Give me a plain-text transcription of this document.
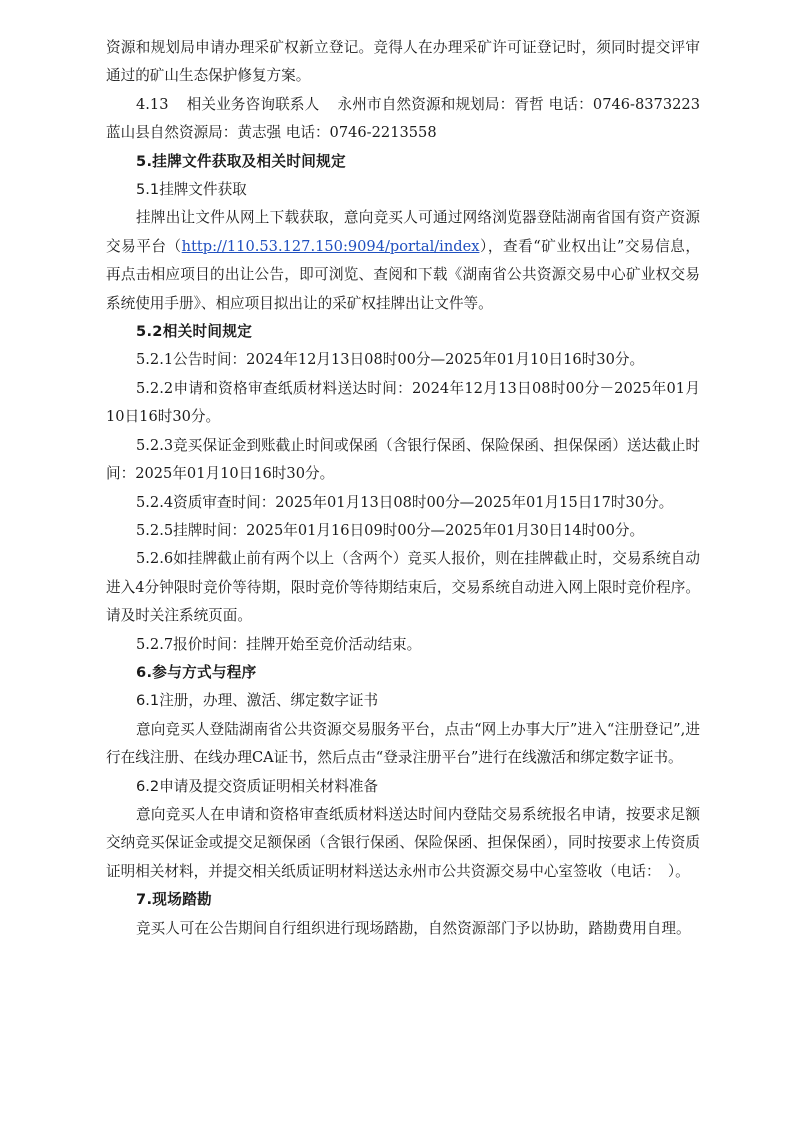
资源和规划局申请办理采矿权新立登记。竞得人在办理采矿许可证登记时，须同时提交评审通过的矿山生态保护修复方案。

4.13 相关业务咨询联系人 永州市自然资源和规划局：胥哲 电话：0746-8373223 蓝山县自然资源局：黄志强 电话：0746-2213558

5.挂牌文件获取及相关时间规定

5.1挂牌文件获取

挂牌出让文件从网上下载获取，意向竞买人可通过网络浏览器登陆湖南省国有资产资源交易平台（http://110.53.127.150:9094/portal/index），查看“矿业权出让”交易信息，再点击相应项目的出让公告，即可浏览、查阅和下载《湖南省公共资源交易中心矿业权交易系统使用手册》、相应项目拟出让的采矿权挂牌出让文件等。

5.2相关时间规定

5.2.1公告时间：2024年12月13日08时00分—2025年01月10日16时30分。

5.2.2申请和资格审查纸质材料送达时间：2024年12月13日08时00分－2025年01月10日16时30分。

5.2.3竞买保证金到账截止时间或保函（含银行保函、保险保函、担保保函）送达截止时间：2025年01月10日16时30分。

5.2.4资质审查时间：2025年01月13日08时00分—2025年01月15日17时30分。

5.2.5挂牌时间：2025年01月16日09时00分—2025年01月30日14时00分。

5.2.6如挂牌截止前有两个以上（含两个）竞买人报价，则在挂牌截止时，交易系统自动进入4分钟限时竞价等待期，限时竞价等待期结束后，交易系统自动进入网上限时竞价程序。请及时关注系统页面。

5.2.7报价时间：挂牌开始至竞价活动结束。

6.参与方式与程序

6.1注册，办理、激活、绑定数字证书

意向竞买人登陆湖南省公共资源交易服务平台，点击“网上办事大厅”进入“注册登记”,进行在线注册、在线办理CA证书，然后点击“登录注册平台”进行在线激活和绑定数字证书。

6.2申请及提交资质证明相关材料准备

意向竞买人在申请和资格审查纸质材料送达时间内登陆交易系统报名申请，按要求足额交纳竞买保证金或提交足额保函（含银行保函、保险保函、担保保函），同时按要求上传资质证明相关材料，并提交相关纸质证明材料送达永州市公共资源交易中心室签收（电话：　）。

7.现场踏勘

竞买人可在公告期间自行组织进行现场踏勘，自然资源部门予以协助，踏勘费用自理。
